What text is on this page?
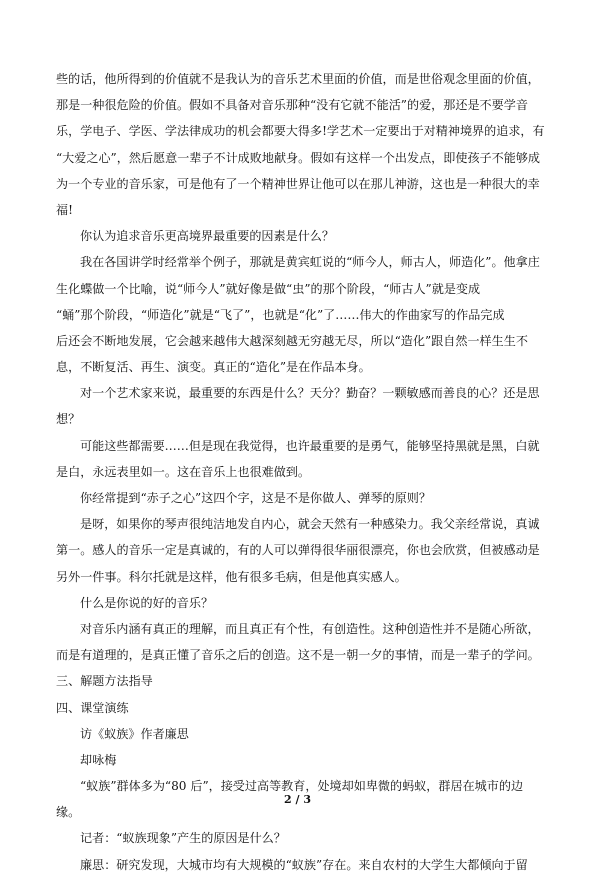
些的话，他所得到的价值就不是我认为的音乐艺术里面的价值，而是世俗观念里面的价值，
那是一种很危险的价值。假如不具备对音乐那种“没有它就不能活”的爱，那还是不要学音
乐，学电子、学医、学法律成功的机会都要大得多!学艺术一定要出于对精神境界的追求，有
“大爱之心”，然后愿意一辈子不计成败地献身。假如有这样一个出发点，即使孩子不能够成
为一个专业的音乐家，可是他有了一个精神世界让他可以在那儿神游，这也是一种很大的幸
福!
你认为追求音乐更高境界最重要的因素是什么？
我在各国讲学时经常举个例子，那就是黄宾虹说的“师今人，师古人，师造化”。他拿庄
生化蝶做一个比喻，说“师今人”就好像是做“虫”的那个阶段，“师古人”就是变成
“蛹”那个阶段，“师造化”就是“飞了”，也就是“化”了……伟大的作曲家写的作品完成
后还会不断地发展，它会越来越伟大越深刻越无穷越无尽，所以“造化”跟自然一样生生不
息，不断复活、再生、演变。真正的“造化”是在作品本身。
对一个艺术家来说，最重要的东西是什么？天分？勤奋？一颗敏感而善良的心？还是思
想？
可能这些都需要……但是现在我觉得，也许最重要的是勇气，能够坚持黑就是黑，白就
是白，永远表里如一。这在音乐上也很难做到。
你经常提到“赤子之心”这四个字，这是不是你做人、弹琴的原则？
是呀，如果你的琴声很纯洁地发自内心，就会天然有一种感染力。我父亲经常说，真诚
第一。感人的音乐一定是真诚的，有的人可以弹得很华丽很漂亮，你也会欣赏，但被感动是
另外一件事。科尔托就是这样，他有很多毛病，但是他真实感人。
什么是你说的好的音乐？
对音乐内涵有真正的理解，而且真正有个性，有创造性。这种创造性并不是随心所欲，
而是有道理的，是真正懂了音乐之后的创造。这不是一朝一夕的事情，而是一辈子的学问。
三、解题方法指导
四、课堂演练
访《蚁族》作者廉思
却咏梅
“蚁族”群体多为“80 后”，接受过高等教育，处境却如卑微的蚂蚁，群居在城市的边
缘。
记者：“蚁族现象”产生的原因是什么？
廉思：研究发现，大城市均有大规模的“蚁族”存在。来自农村的大学生大都倾向于留
2 / 3
